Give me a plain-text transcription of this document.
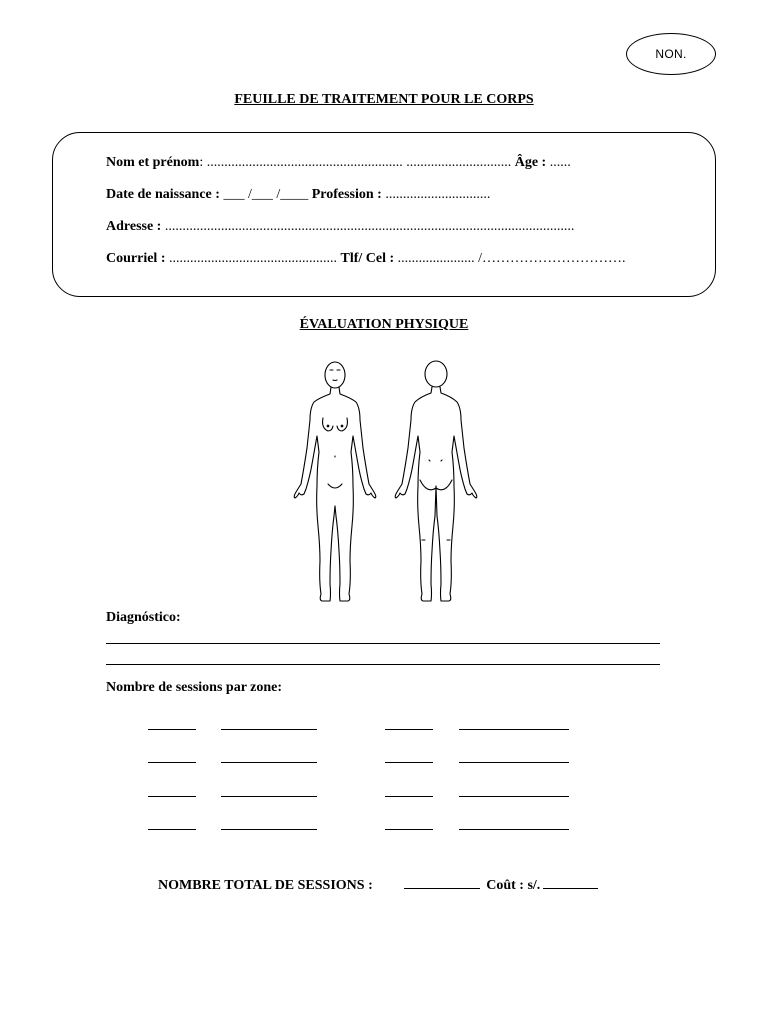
NON.
FEUILLE DE TRAITEMENT POUR LE CORPS
Nom et prénom: ........................................................ .............................. Âge : ......
Date de naissance : ___ /___ /____ Profession : ..............................
Adresse : .....................................................................................................................
Courriel : ................................................ Tlf/ Cel : ...................... /………………………….
ÉVALUATION PHYSIQUE
Diagnóstico:
Nombre de sessions par zone:
NOMBRE TOTAL DE SESSIONS :	Coût : s/.
